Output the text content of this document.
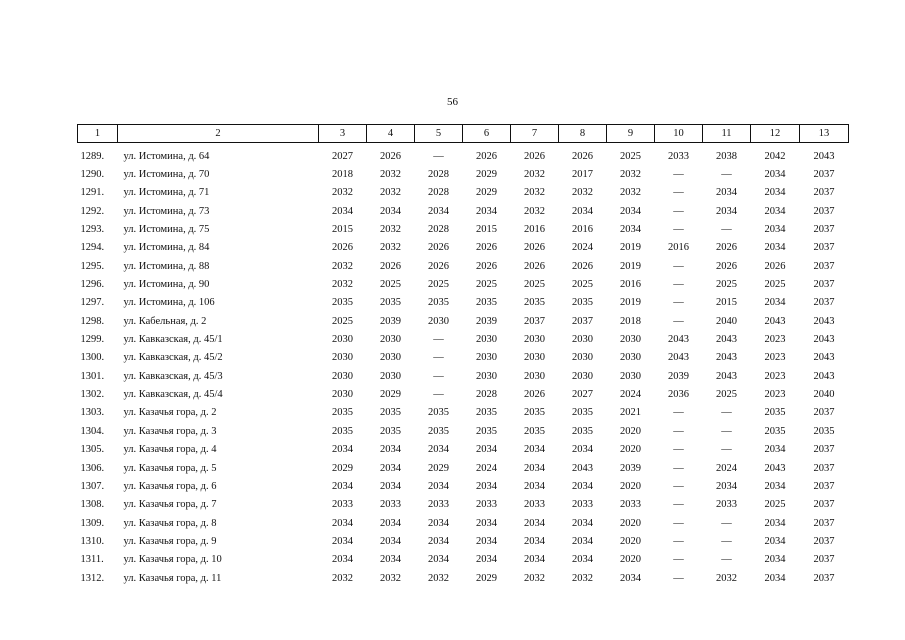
56
1	2	3	4	5	6	7	8	9	10	11	12	13
1289.	ул. Истомина, д. 64	2027	2026	—	2026	2026	2026	2025	2033	2038	2042	2043
1290.	ул. Истомина, д. 70	2018	2032	2028	2029	2032	2017	2032	—	—	2034	2037
1291.	ул. Истомина, д. 71	2032	2032	2028	2029	2032	2032	2032	—	2034	2034	2037
1292.	ул. Истомина, д. 73	2034	2034	2034	2034	2032	2034	2034	—	2034	2034	2037
1293.	ул. Истомина, д. 75	2015	2032	2028	2015	2016	2016	2034	—	—	2034	2037
1294.	ул. Истомина, д. 84	2026	2032	2026	2026	2026	2024	2019	2016	2026	2034	2037
1295.	ул. Истомина, д. 88	2032	2026	2026	2026	2026	2026	2019	—	2026	2026	2037
1296.	ул. Истомина, д. 90	2032	2025	2025	2025	2025	2025	2016	—	2025	2025	2037
1297.	ул. Истомина, д. 106	2035	2035	2035	2035	2035	2035	2019	—	2015	2034	2037
1298.	ул. Кабельная, д. 2	2025	2039	2030	2039	2037	2037	2018	—	2040	2043	2043
1299.	ул. Кавказская, д. 45/1	2030	2030	—	2030	2030	2030	2030	2043	2043	2023	2043
1300.	ул. Кавказская, д. 45/2	2030	2030	—	2030	2030	2030	2030	2043	2043	2023	2043
1301.	ул. Кавказская, д. 45/3	2030	2030	—	2030	2030	2030	2030	2039	2043	2023	2043
1302.	ул. Кавказская, д. 45/4	2030	2029	—	2028	2026	2027	2024	2036	2025	2023	2040
1303.	ул. Казачья гора, д. 2	2035	2035	2035	2035	2035	2035	2021	—	—	2035	2037
1304.	ул. Казачья гора, д. 3	2035	2035	2035	2035	2035	2035	2020	—	—	2035	2035
1305.	ул. Казачья гора, д. 4	2034	2034	2034	2034	2034	2034	2020	—	—	2034	2037
1306.	ул. Казачья гора, д. 5	2029	2034	2029	2024	2034	2043	2039	—	2024	2043	2037
1307.	ул. Казачья гора, д. 6	2034	2034	2034	2034	2034	2034	2020	—	2034	2034	2037
1308.	ул. Казачья гора, д. 7	2033	2033	2033	2033	2033	2033	2033	—	2033	2025	2037
1309.	ул. Казачья гора, д. 8	2034	2034	2034	2034	2034	2034	2020	—	—	2034	2037
1310.	ул. Казачья гора, д. 9	2034	2034	2034	2034	2034	2034	2020	—	—	2034	2037
1311.	ул. Казачья гора, д. 10	2034	2034	2034	2034	2034	2034	2020	—	—	2034	2037
1312.	ул. Казачья гора, д. 11	2032	2032	2032	2029	2032	2032	2034	—	2032	2034	2037
